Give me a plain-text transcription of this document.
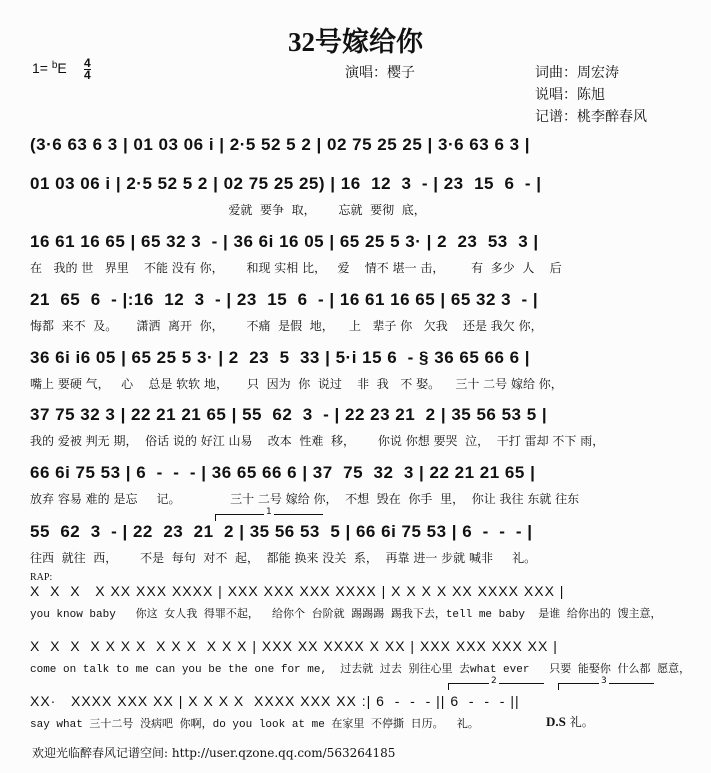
32号嫁给你
$1= ^bE \frac{4}{4}$	演唱：樱子	词曲：周宏涛
说唱：陈旭
记谱：桃李醉春风
(3·6 63 6 3 | 01 03 06 i | 2·5 52 5 2 | 02 75 25 25 | 3·6 63 6 3 |
01 03 06 i | 2·5 52 5 2 | 02 75 25 25) | 16  12  3  - | 23  15  6  - |
爱就  要争  取，      忘就  要彻  底，
16 61 16 65 | 65 32 3  - | 36 6i 16 05 | 65 25 5 3· | 2  23  53  3 |
在   我的 世   界里    不能 没有 你，      和现 实相 比，   爱    情不 堪一 击，       有  多少  人    后
21  65  6  - |:16  12  3  - | 23  15  6  - | 16 61 16 65 | 65 32 3  - |
悔都  来不  及。     潇洒  离开  你，      不痛  是假  地，    上   辈子 你   欠我    还是 我欠 你，
36 6i i6 05 | 65 25 5 3· | 2  23  5  33 | 5·i 15 6  - § 36 65 66 6 |
嘴上 要硬 气，   心    总是 软软 地，     只  因为  你  说过    非  我   不 娶。    三十 二号 嫁给 你，
37 75 32 3 | 22 21 21 65 | 55  62  3  - | 22 23 21  2 | 35 56 53 5 |
我的 爱被 判无 期，  俗话 说的 好江 山易    改本  性难  移，      你说 你想 要哭  泣，  干打 雷却 不下 雨，
66 6i 75 53 | 6  -  -  - | 36 65 66 6 | 37  75  32  3 | 22 21 21 65 |
放弃 容易 难的 是忘     记。             三十 二号 嫁给 你，  不想  毁在  你手  里，  你让 我往 东就 往东
1
55  62  3  - | 22  23  21  2 | 35 56 53  5 | 66 6i 75 53 | 6  -  -  - |
往西  就往  西，      不是  每句  对不  起，  都能 换来 没关  系，  再靠 进一 步就 喊非     礼。
RAP:
X  X  X   X XX XXX XXXX | XXX XXX XXX XXXX | X X X X XX XXXX XXX |
you know baby   你这 女人我 得罪不起，  给你个 台阶就 踢踢踢 踢我下去，tell me baby  是谁 给你出的 馊主意，
X  X  X  X X X X  X X X  X X X | XXX XX XXXX X XX | XXX XXX XXX XX |
come on talk to me can you be the one for me,  过去就 过去 别往心里 去what ever   只要 能娶你 什么都 愿意，
2	3
XX·   XXXX XXX XX | X X X X  XXXX XXX XX :| 6  -  -  - || 6  -  -  - ||
say what 三十二号 没病吧 你啊，do you look at me 在家里 不停撕 日历。  礼。 D.S 礼。
欢迎光临醉春风记谱空间: http://user.qzone.qq.com/563264185
